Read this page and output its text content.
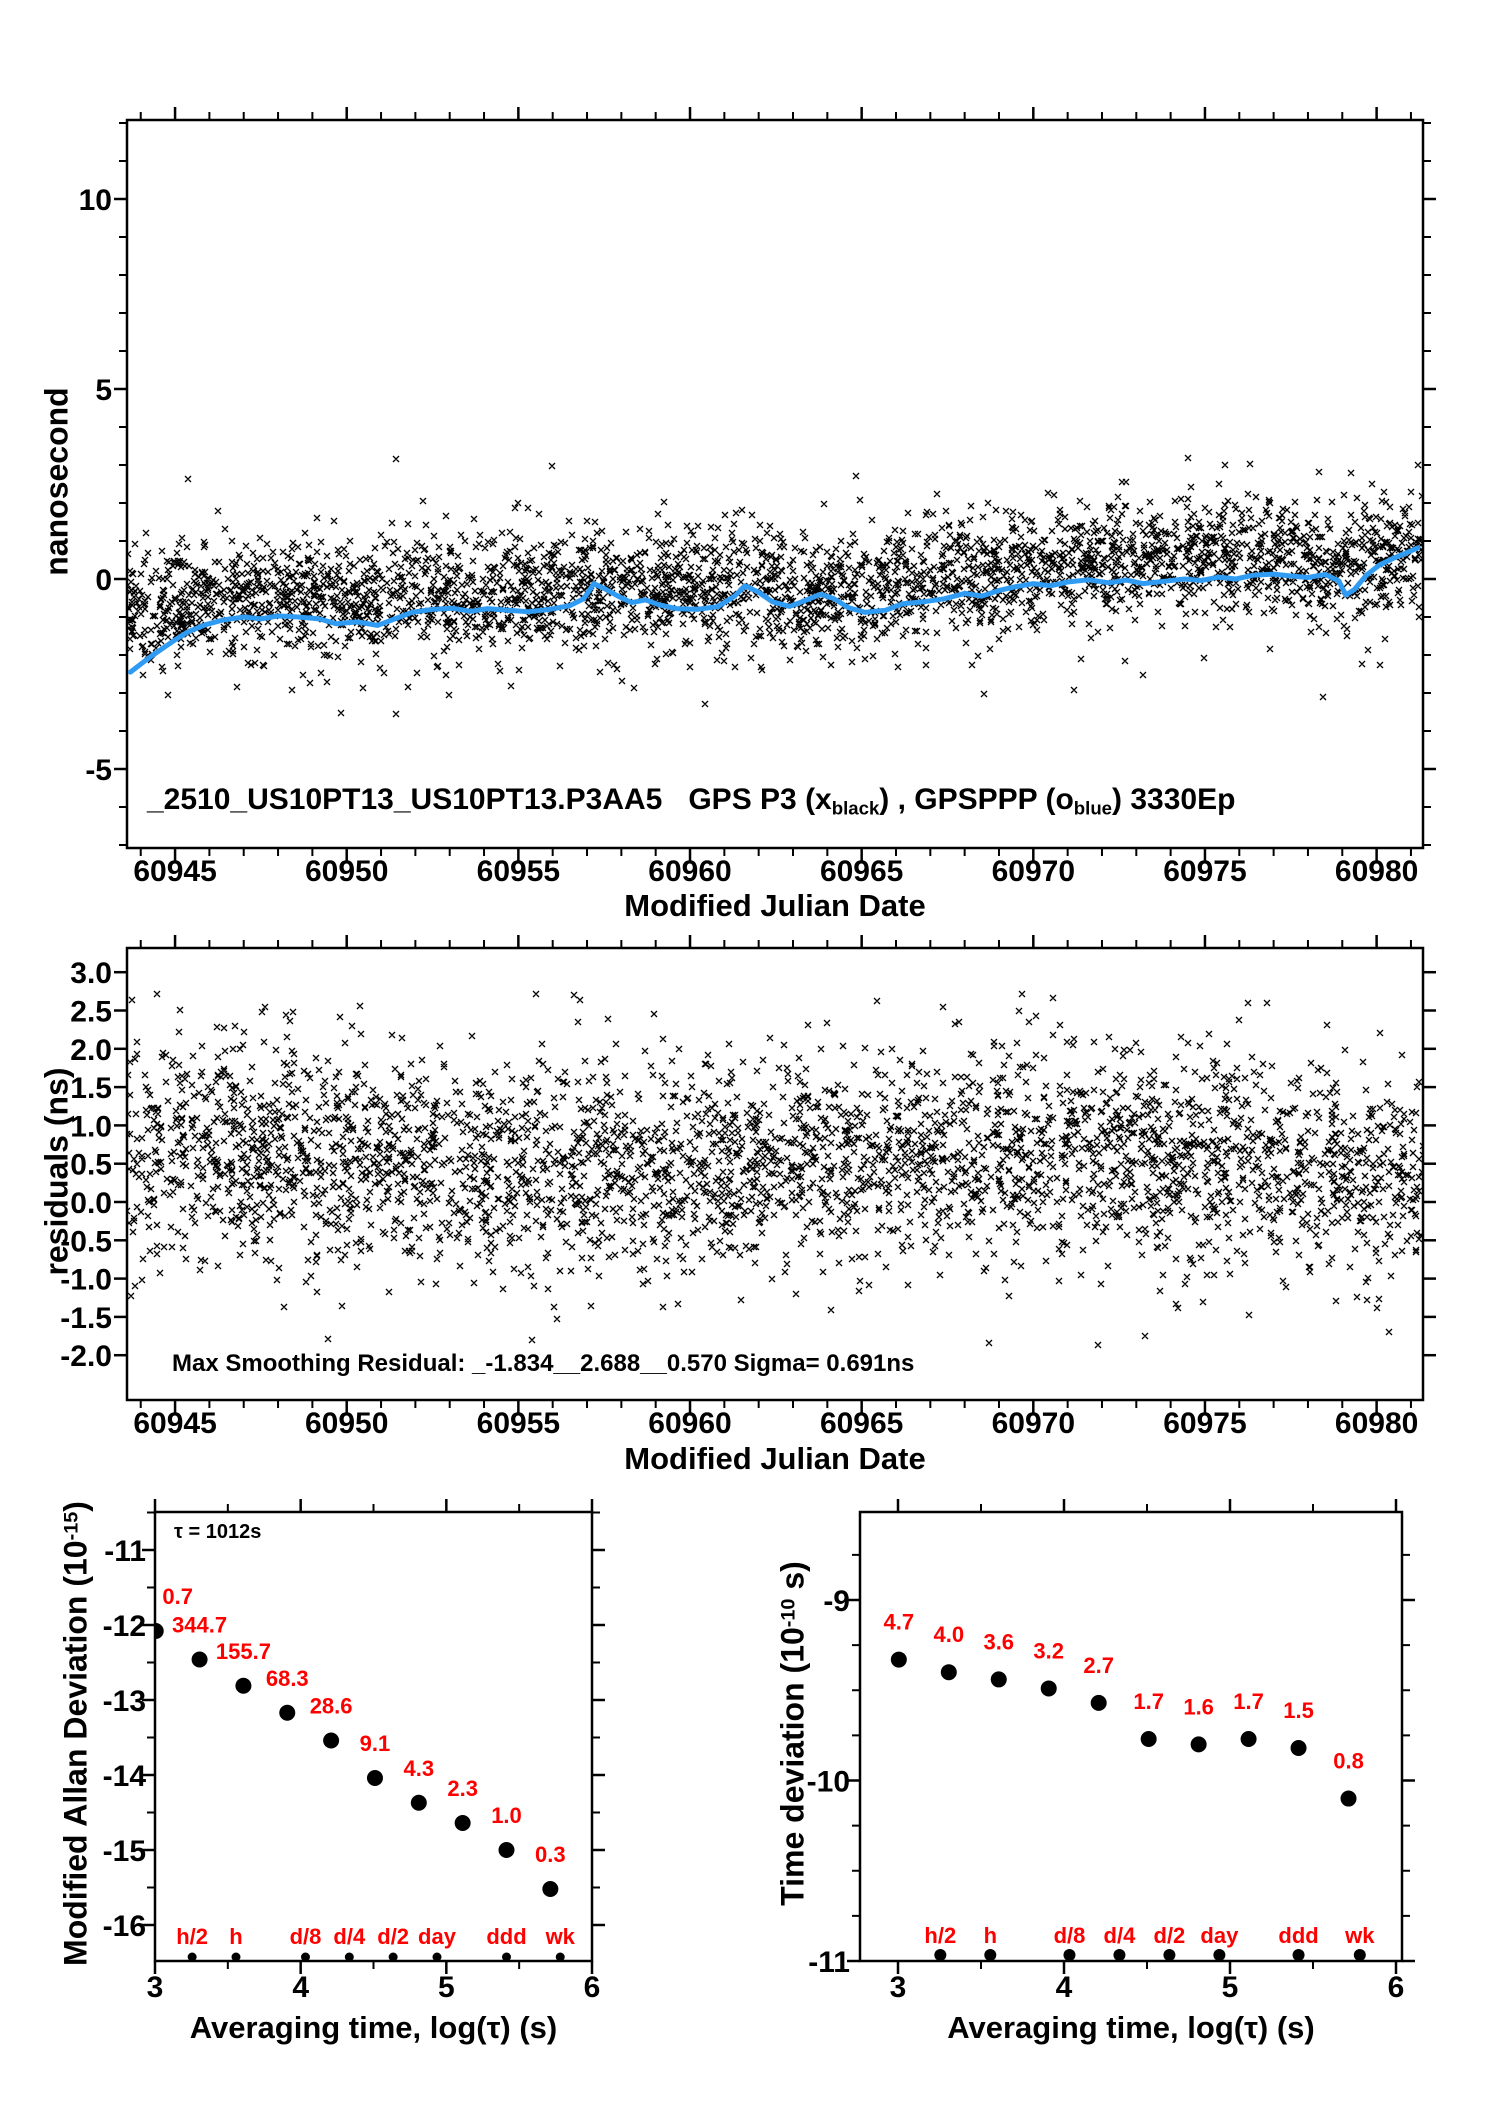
60945	60950	60955	60960	60965	60970	60975	60980
10
5
0
-5
60945	60950	60955	60960	60965	60970	60975	60980
3.0
2.5
2.0
1.5
1.0
0.5
0.0
-0.5
-1.0
-1.5
-2.0
3	4	5	6
-11
-12
-13
-14
-15
-16
0.7
344.7
155.7
68.3
28.6
9.1
4.3
2.3
1.0
0.3
h/2 h d/8 d/4 d/2 day ddd wk
3	4	5	6
-9
-10
-11
4.7
4.0 3.6 3.2
2.7
1.7 1.6 1.7 1.5
0.8
h/2 h	d/8 d/4 d/2 day ddd wk
nanosecond
residuals (ns)
Modified Allan Deviation $(10^{-15})$
Time deviation ($10^{-10}$ s)
Modified Julian Date
Modified Julian Date
Averaging time, log(τ) (s)	Averaging time, log(τ) (s)
_2510_US10PT13_US10PT13.P3AA5 GPS P3 $(x_{black})$ , GPSPPP $(o_{blue})$ 3330Ep
Max Smoothing Residual: _-1.834__2.688__0.570 Sigma= 0.691ns
τ = 1012s
